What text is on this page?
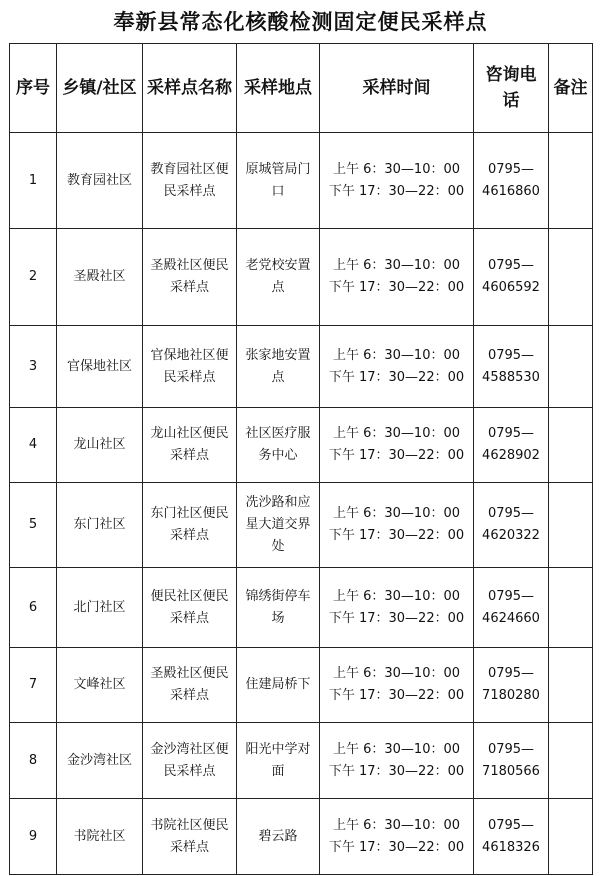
奉新县常态化核酸检测固定便民采样点
序号	乡镇/社区	采样点名称	采样地点	采样时间	咨询电话	备注
1	教育园社区	教育园社区便民采样点	原城管局门口	上午 6：30—10：00
下午 17：30—22：00	0795—
4616860	

2	圣殿社区	圣殿社区便民采样点	老党校安置点	上午 6：30—10：00
下午 17：30—22：00	0795—
4606592	

3	官保地社区	官保地社区便民采样点	张家地安置点	上午 6：30—10：00
下午 17：30—22：00	0795—
4588530	

4	龙山社区	龙山社区便民采样点	社区医疗服务中心	上午 6：30—10：00
下午 17：30—22：00	0795—
4628902	

5	东门社区	东门社区便民采样点	冼沙路和应星大道交界处	上午 6：30—10：00
下午 17：30—22：00	0795—
4620322	

6	北门社区	便民社区便民采样点	锦绣街停车场	上午 6：30—10：00
下午 17：30—22：00	0795—
4624660	

7	文峰社区	圣殿社区便民采样点	住建局桥下	上午 6：30—10：00
下午 17：30—22：00	0795—
7180280	

8	金沙湾社区	金沙湾社区便民采样点	阳光中学对面	上午 6：30—10：00
下午 17：30—22：00	0795—
7180566	

9	书院社区	书院社区便民采样点	碧云路	上午 6：30—10：00
下午 17：30—22：00	0795—
4618326	
